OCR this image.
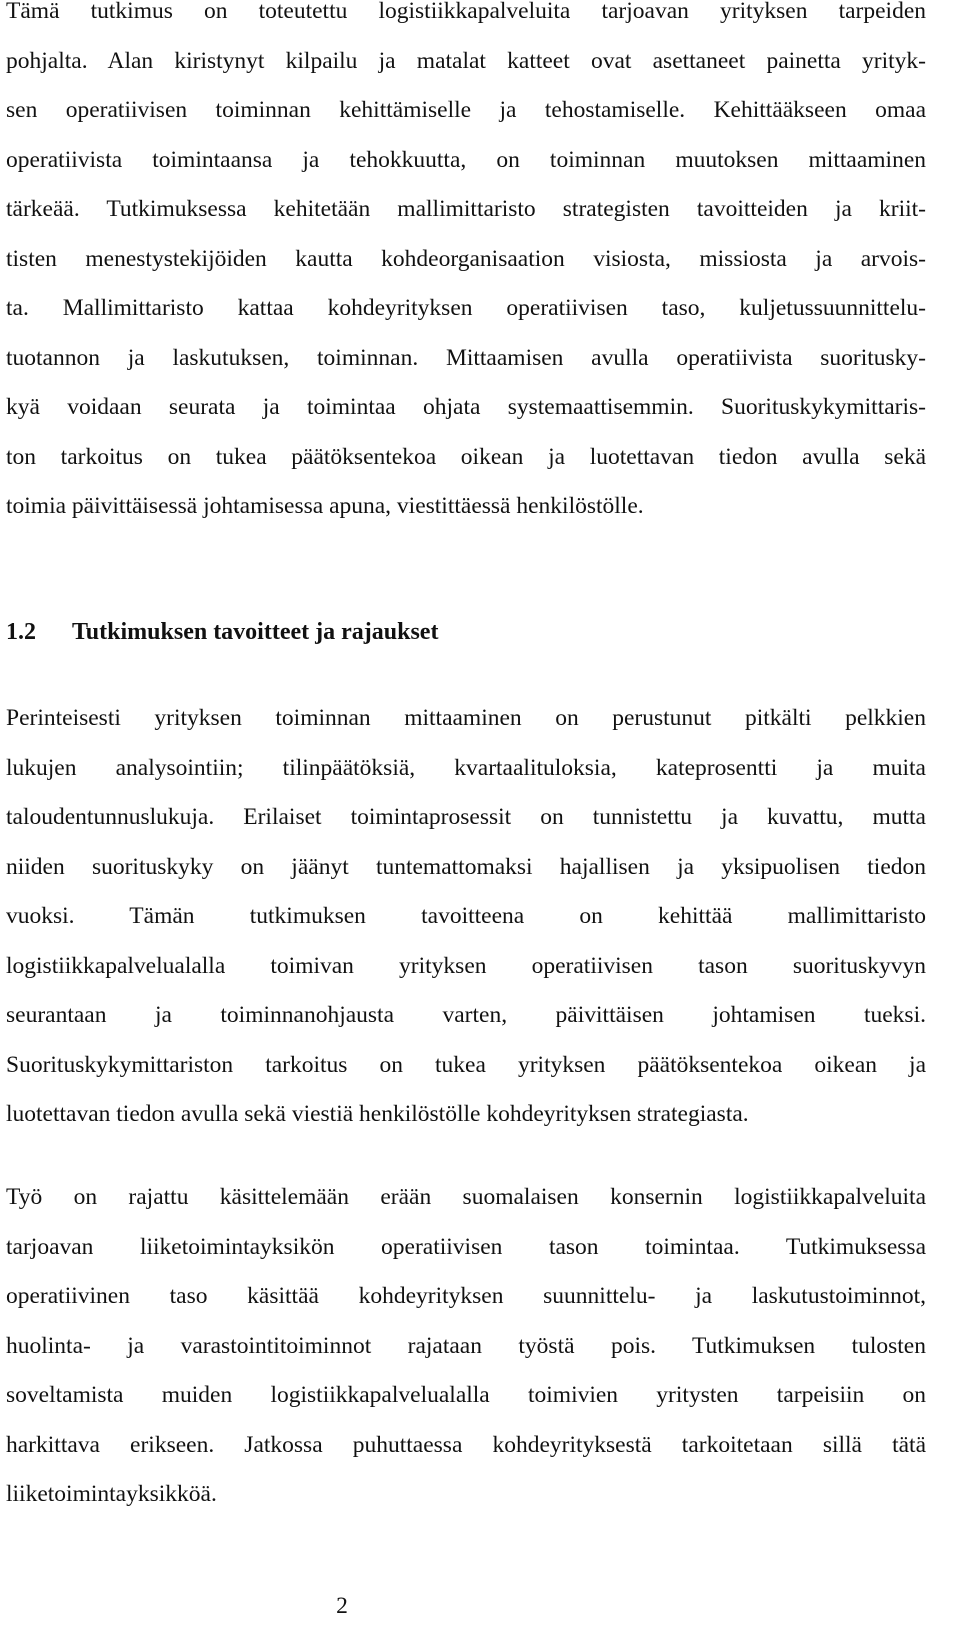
Tämä tutkimus on toteutettu logistiikkapalveluita tarjoavan yrityksen tarpeiden
pohjalta. Alan kiristynyt kilpailu ja matalat katteet ovat asettaneet painetta yrityk-
sen operatiivisen toiminnan kehittämiselle ja tehostamiselle. Kehittääkseen omaa
operatiivista toimintaansa ja tehokkuutta, on toiminnan muutoksen mittaaminen
tärkeää. Tutkimuksessa kehitetään mallimittaristo strategisten tavoitteiden ja kriit-
tisten menestystekijöiden kautta kohdeorganisaation visiosta, missiosta ja arvois-
ta. Mallimittaristo kattaa kohdeyrityksen operatiivisen taso, kuljetussuunnittelu-
tuotannon ja laskutuksen, toiminnan. Mittaamisen avulla operatiivista suoritusky-
kyä voidaan seurata ja toimintaa ohjata systemaattisemmin. Suorituskykymittaris-
ton tarkoitus on tukea päätöksentekoa oikean ja luotettavan tiedon avulla sekä
toimia päivittäisessä johtamisessa apuna, viestittäessä henkilöstölle.
1.2 Tutkimuksen tavoitteet ja rajaukset
Perinteisesti yrityksen toiminnan mittaaminen on perustunut pitkälti pelkkien
lukujen analysointiin; tilinpäätöksiä, kvartaalituloksia, kateprosentti ja muita
taloudentunnuslukuja. Erilaiset toimintaprosessit on tunnistettu ja kuvattu, mutta
niiden suorituskyky on jäänyt tuntemattomaksi hajallisen ja yksipuolisen tiedon
vuoksi. Tämän tutkimuksen tavoitteena on kehittää mallimittaristo
logistiikkapalvelualalla toimivan yrityksen operatiivisen tason suorituskyvyn
seurantaan ja toiminnanohjausta varten, päivittäisen johtamisen tueksi.
Suorituskykymittariston tarkoitus on tukea yrityksen päätöksentekoa oikean ja
luotettavan tiedon avulla sekä viestiä henkilöstölle kohdeyrityksen strategiasta.
Työ on rajattu käsittelemään erään suomalaisen konsernin logistiikkapalveluita
tarjoavan liiketoimintayksikön operatiivisen tason toimintaa. Tutkimuksessa
operatiivinen taso käsittää kohdeyrityksen suunnittelu- ja laskutustoiminnot,
huolinta- ja varastointitoiminnot rajataan työstä pois. Tutkimuksen tulosten
soveltamista muiden logistiikkapalvelualalla toimivien yritysten tarpeisiin on
harkittava erikseen. Jatkossa puhuttaessa kohdeyrityksestä tarkoitetaan sillä tätä
liiketoimintayksikköä.

2
